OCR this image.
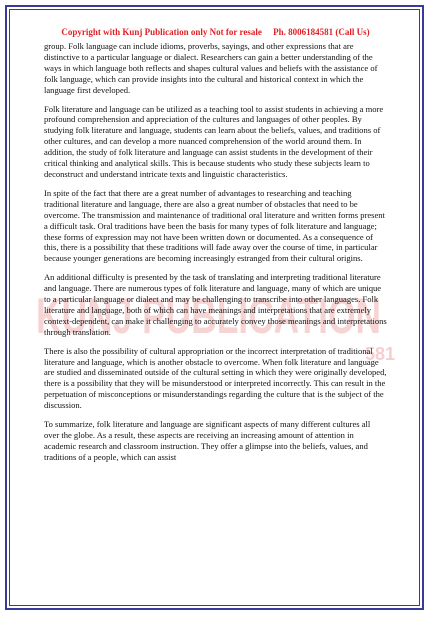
Copyright with Kunj Publication only Not for resale     Ph. 8006184581 (Call Us)
KUNJ PUBLICATION
581

group. Folk language can include idioms, proverbs, sayings, and other expressions that are distinctive to a particular language or dialect. Researchers can gain a better understanding of the ways in which language both reflects and shapes cultural values and beliefs with the assistance of folk language, which can provide insights into the cultural and historical context in which the language first developed.

Folk literature and language can be utilized as a teaching tool to assist students in achieving a more profound comprehension and appreciation of the cultures and languages of other peoples. By studying folk literature and language, students can learn about the beliefs, values, and traditions of other cultures, and can develop a more nuanced comprehension of the world around them. In addition, the study of folk literature and language can assist students in the development of their critical thinking and analytical skills. This is because students who study these subjects learn to deconstruct and understand intricate texts and linguistic characteristics.

In spite of the fact that there are a great number of advantages to researching and teaching traditional literature and language, there are also a great number of obstacles that need to be overcome. The transmission and maintenance of traditional oral literature and written forms present a difficult task. Oral traditions have been the basis for many types of folk literature and language; these forms of expression may not have been written down or documented. As a consequence of this, there is a possibility that these traditions will fade away over the course of time, in particular because younger generations are becoming increasingly estranged from their cultural origins.

An additional difficulty is presented by the task of translating and interpreting traditional literature and language. There are numerous types of folk literature and language, many of which are unique to a particular language or dialect and may be challenging to transcribe into other languages. Folk literature and language, both of which can have meanings and interpretations that are extremely context-dependent, can make it challenging to accurately convey those meanings and interpretations through translation.

There is also the possibility of cultural appropriation or the incorrect interpretation of traditional literature and language, which is another obstacle to overcome. When folk literature and language are studied and disseminated outside of the cultural setting in which they were originally developed, there is a possibility that they will be misunderstood or interpreted incorrectly. This can result in the perpetuation of misconceptions or misunderstandings regarding the culture that is the subject of the discussion.

To summarize, folk literature and language are significant aspects of many different cultures all over the globe. As a result, these aspects are receiving an increasing amount of attention in academic research and classroom instruction. They offer a glimpse into the beliefs, values, and traditions of a people, which can assist
